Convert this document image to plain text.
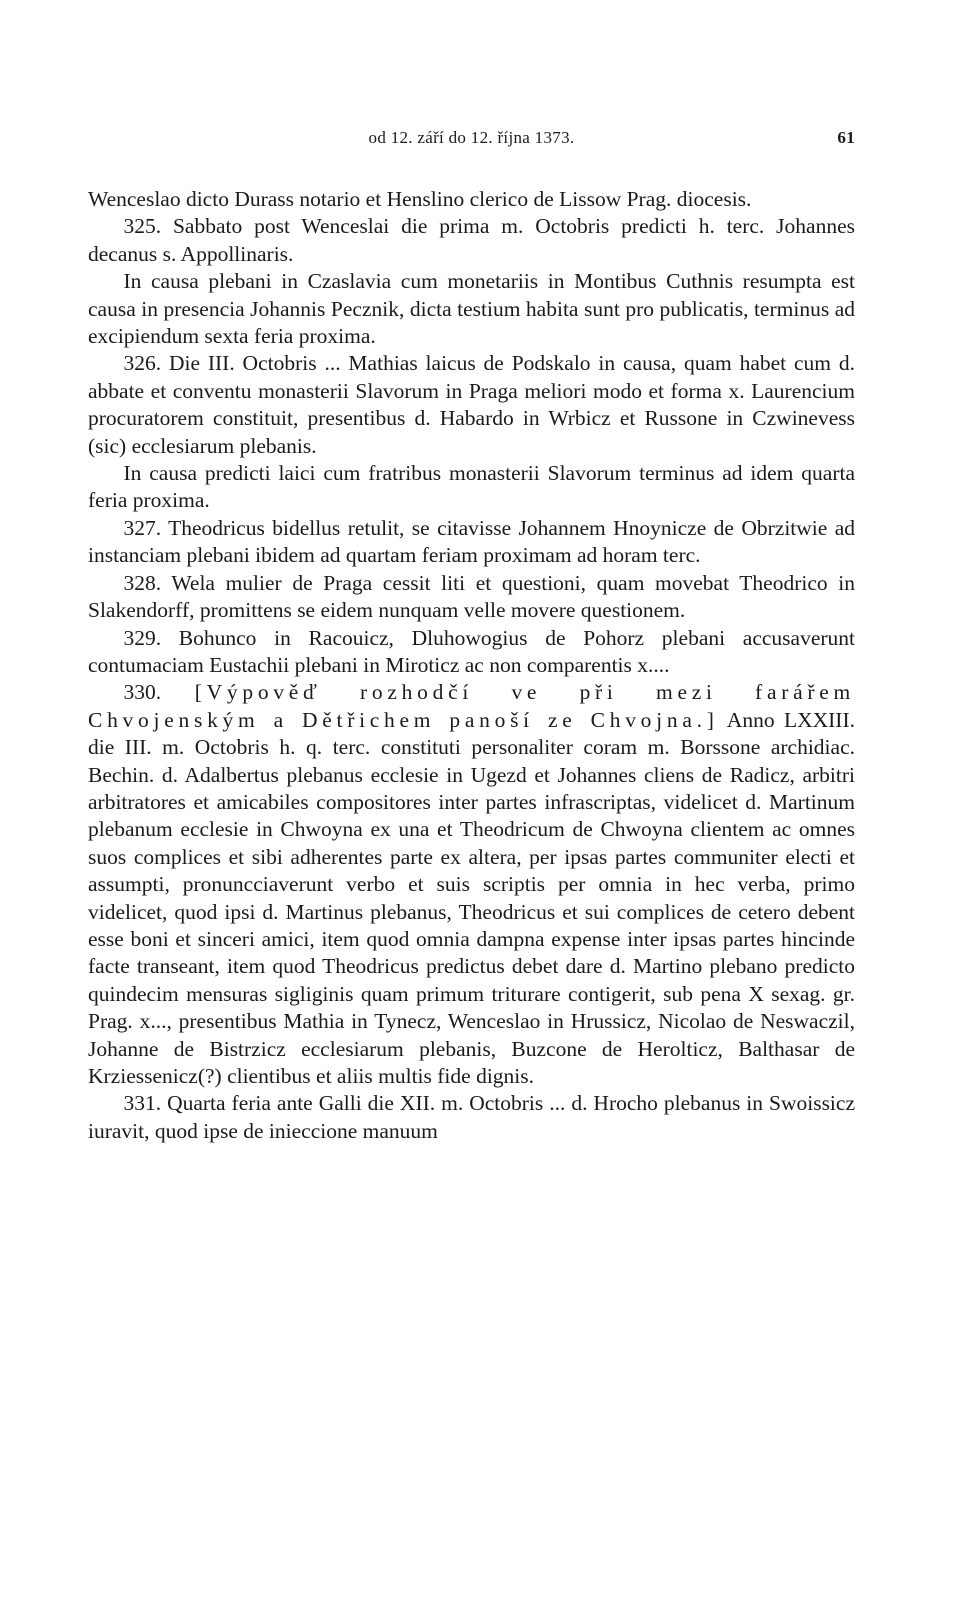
od 12. září do 12. října 1373.	61

Wenceslao dicto Durass notario et Henslino clerico de Lissow Prag. diocesis.

325. Sabbato post Wenceslai die prima m. Octobris predicti h. terc. Johannes decanus s. Appollinaris.

In causa plebani in Czaslavia cum monetariis in Montibus Cuthnis resumpta est causa in presencia Johannis Pecznik, dicta testium habita sunt pro publicatis, terminus ad excipiendum sexta feria proxima.

326. Die III. Octobris ... Mathias laicus de Podskalo in causa, quam habet cum d. abbate et conventu monasterii Slavorum in Praga meliori modo et forma x. Laurencium procuratorem constituit, presentibus d. Habardo in Wrbicz et Russone in Czwinevess (sic) ecclesiarum plebanis.

In causa predicti laici cum fratribus monasterii Slavorum terminus ad idem quarta feria proxima.

327. Theodricus bidellus retulit, se citavisse Johannem Hnoynicze de Obrzitwie ad instanciam plebani ibidem ad quartam feriam proximam ad horam terc.

328. Wela mulier de Praga cessit liti et questioni, quam movebat Theodrico in Slakendorff, promittens se eidem nunquam velle movere questionem.

329. Bohunco in Racouicz, Dluhowogius de Pohorz plebani accusaverunt contumaciam Eustachii plebani in Miroticz ac non comparentis x....

330. [Výpověď rozhodčí ve při mezi farářem Chvojenským a Dětřichem panoší ze Chvojna.] Anno LXXIII. die III. m. Octobris h. q. terc. constituti personaliter coram m. Borssone archidiac. Bechin. d. Adalbertus plebanus ecclesie in Ugezd et Johannes cliens de Radicz, arbitri arbitratores et amicabiles compositores inter partes infrascriptas, videlicet d. Martinum plebanum ecclesie in Chwoyna ex una et Theodricum de Chwoyna clientem ac omnes suos complices et sibi adherentes parte ex altera, per ipsas partes communiter electi et assumpti, pronuncciaverunt verbo et suis scriptis per omnia in hec verba, primo videlicet, quod ipsi d. Martinus plebanus, Theodricus et sui complices de cetero debent esse boni et sinceri amici, item quod omnia dampna expense inter ipsas partes hincinde facte transeant, item quod Theodricus predictus debet dare d. Martino plebano predicto quindecim mensuras sigliginis quam primum triturare contigerit, sub pena X sexag. gr. Prag. x..., presentibus Mathia in Tynecz, Wenceslao in Hrussicz, Nicolao de Neswaczil, Johanne de Bistrzicz ecclesiarum plebanis, Buzcone de Herolticz, Balthasar de Krziessenicz(?) clientibus et aliis multis fide dignis.

331. Quarta feria ante Galli die XII. m. Octobris ... d. Hrocho plebanus in Swoissicz iuravit, quod ipse de inieccione manuum
